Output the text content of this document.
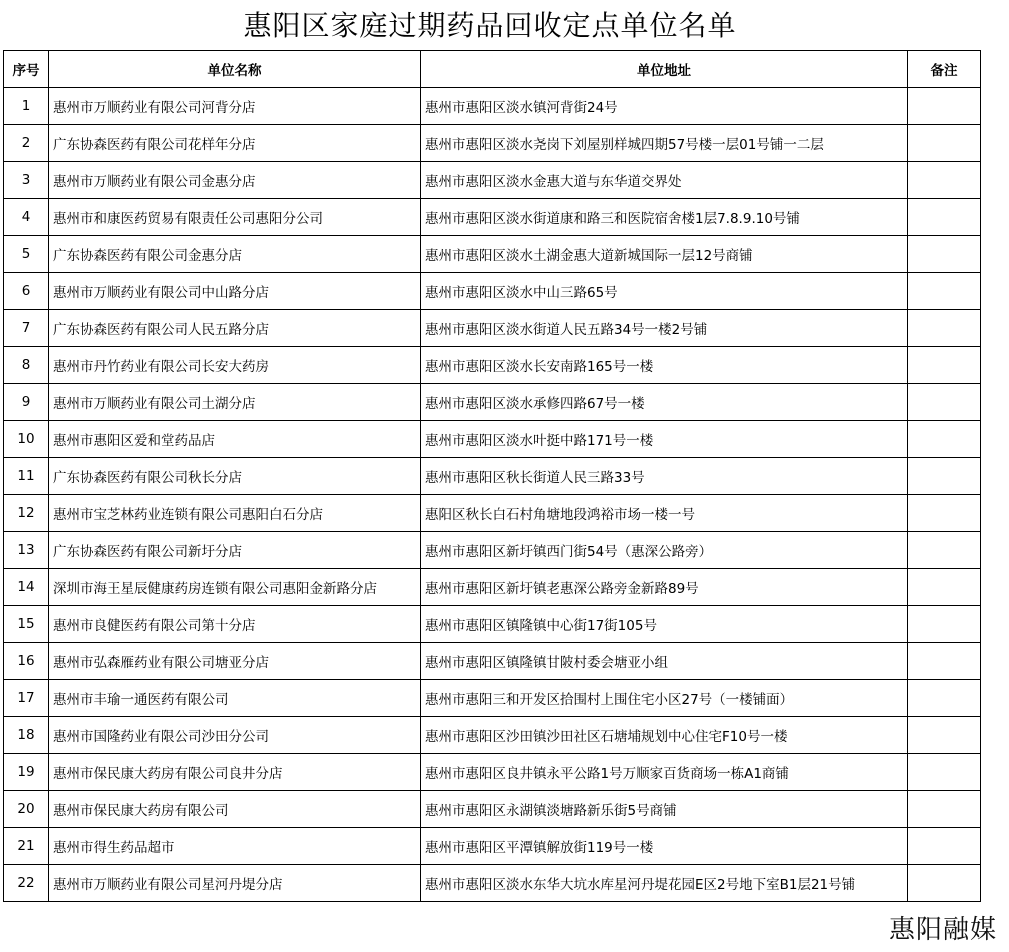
惠阳区家庭过期药品回收定点单位名单
序号	单位名称	单位地址	备注
1	惠州市万顺药业有限公司河背分店	惠州市惠阳区淡水镇河背街24号	
2	广东协森医药有限公司花样年分店	惠州市惠阳区淡水尧岗下刘屋别样城四期57号楼一层01号铺一二层	
3	惠州市万顺药业有限公司金惠分店	惠州市惠阳区淡水金惠大道与东华道交界处	
4	惠州市和康医药贸易有限责任公司惠阳分公司	惠州市惠阳区淡水街道康和路三和医院宿舍楼1层7.8.9.10号铺	
5	广东协森医药有限公司金惠分店	惠州市惠阳区淡水土湖金惠大道新城国际一层12号商铺	
6	惠州市万顺药业有限公司中山路分店	惠州市惠阳区淡水中山三路65号	
7	广东协森医药有限公司人民五路分店	惠州市惠阳区淡水街道人民五路34号一楼2号铺	
8	惠州市丹竹药业有限公司长安大药房	惠州市惠阳区淡水长安南路165号一楼	
9	惠州市万顺药业有限公司土湖分店	惠州市惠阳区淡水承修四路67号一楼	
10	惠州市惠阳区爱和堂药品店	惠州市惠阳区淡水叶挺中路171号一楼	
11	广东协森医药有限公司秋长分店	惠州市惠阳区秋长街道人民三路33号	
12	惠州市宝芝林药业连锁有限公司惠阳白石分店	惠阳区秋长白石村角塘地段鸿裕市场一楼一号	
13	广东协森医药有限公司新圩分店	惠州市惠阳区新圩镇西门街54号（惠深公路旁）	
14	深圳市海王星辰健康药房连锁有限公司惠阳金新路分店	惠州市惠阳区新圩镇老惠深公路旁金新路89号	
15	惠州市良健医药有限公司第十分店	惠州市惠阳区镇隆镇中心街17街105号	
16	惠州市弘森雁药业有限公司塘亚分店	惠州市惠阳区镇隆镇甘陂村委会塘亚小组	
17	惠州市丰瑜一通医药有限公司	惠州市惠阳三和开发区拾围村上围住宅小区27号（一楼铺面）	
18	惠州市国隆药业有限公司沙田分公司	惠州市惠阳区沙田镇沙田社区石塘埔规划中心住宅F10号一楼	
19	惠州市保民康大药房有限公司良井分店	惠州市惠阳区良井镇永平公路1号万顺家百货商场一栋A1商铺	
20	惠州市保民康大药房有限公司	惠州市惠阳区永湖镇淡塘路新乐街5号商铺	
21	惠州市得生药品超市	惠州市惠阳区平潭镇解放街119号一楼	
22	惠州市万顺药业有限公司星河丹堤分店	惠州市惠阳区淡水东华大坑水库星河丹堤花园E区2号地下室B1层21号铺	
惠阳融媒
